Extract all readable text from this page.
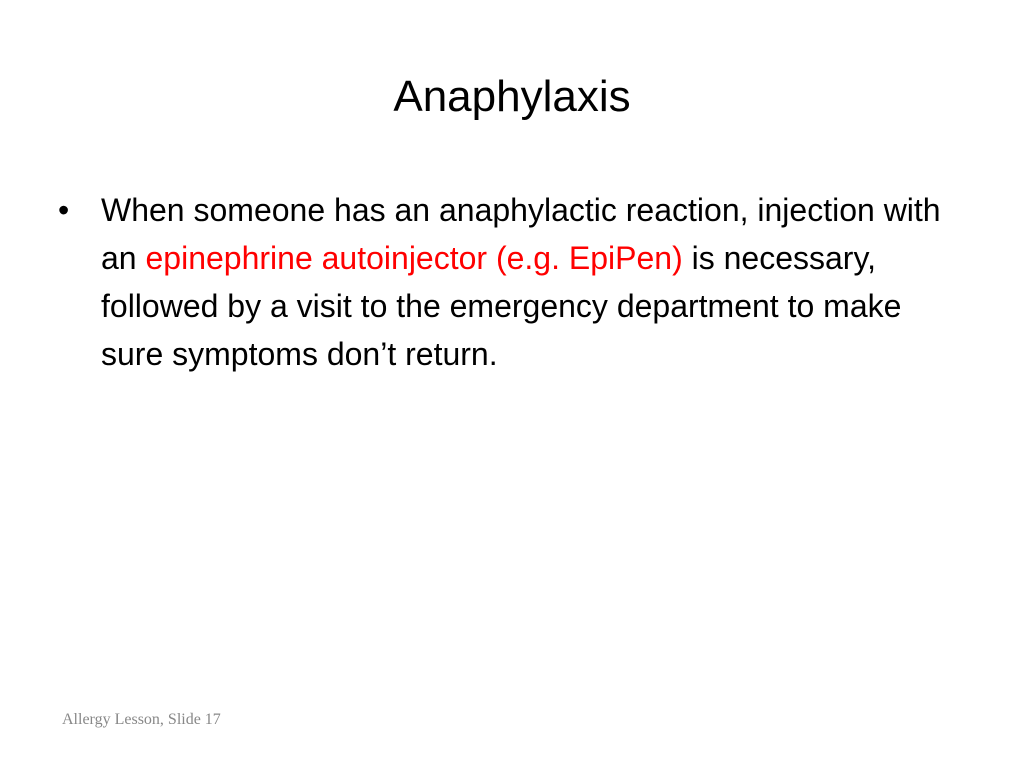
Anaphylaxis
• When someone has an anaphylactic reaction, injection with an epinephrine autoinjector (e.g. EpiPen) is necessary, followed by a visit to the emergency department to make sure symptoms don’t return.
Allergy Lesson, Slide 17
